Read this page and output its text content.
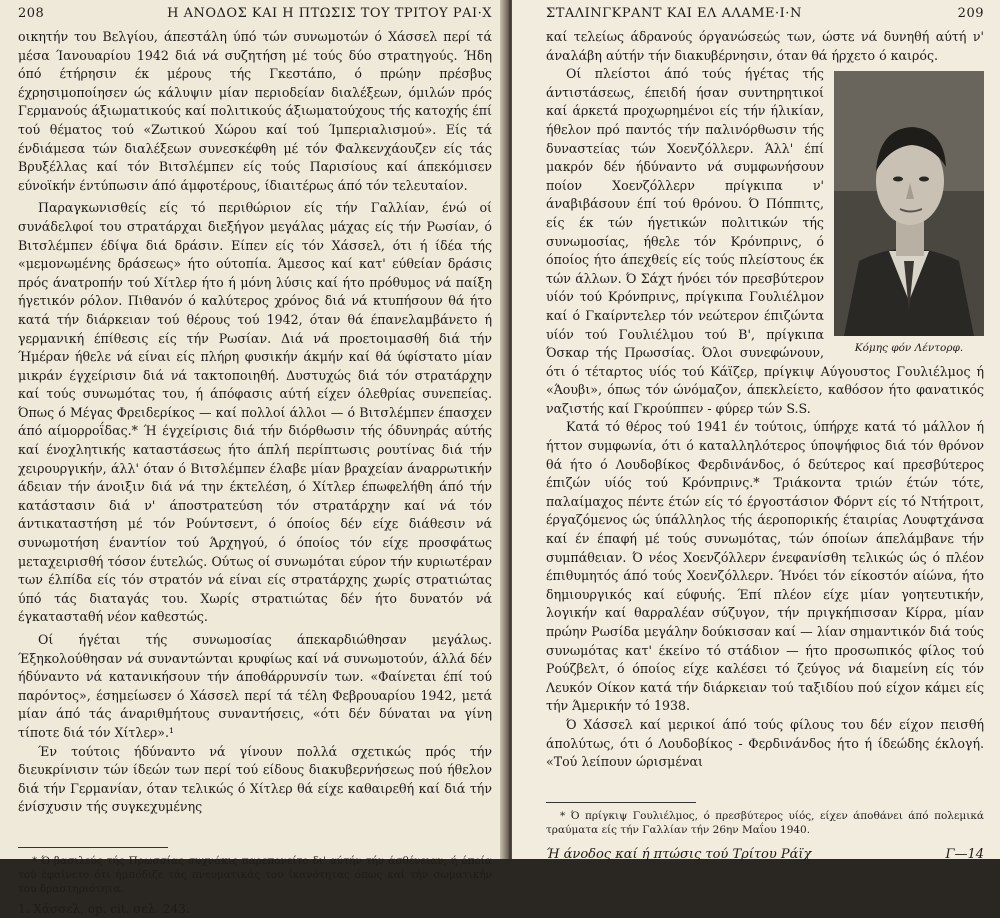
208	Η ΑΝΟΔΟΣ ΚΑΙ Η ΠΤΩΣΙΣ ΤΟΥ ΤΡΙΤΟΥ ΡΑΙ·Χ

οικητήν του Βελγίου, άπεστάλη ύπό τών συνωμοτών ό Χάσσελ περί τά μέσα Ίανουαρίου 1942 διά νά συζητήση μέ τούς δύο στρατηγούς. Ήδη όπό έτήρησιν έκ μέρους τής Γκεστάπο, ό πρώην πρέσβυς έχρησιμοποίησεν ώς κάλυψιν μίαν περιοδείαν διαλέξεων, όμιλών πρός Γερμανούς άξιωματικούς καί πολιτικούς άξιωματούχους τής κατοχής έπί τού θέματος τού «Ζωτικού Χώρου καί τού Ίμπεριαλισμού». Είς τά ένδιάμεσα τών διαλέξεων συνεσκέφθη μέ τόν Φαλκενχάουζεν είς τάς Βρυξέλλας καί τόν Βιτσλέμπεν είς τούς Παρισίους καί άπεκόμισεν εύνοϊκήν έντύπωσιν άπό άμφοτέρους, ίδιαιτέρως άπό τόν τελευταίον.

Παραγκωνισθείς είς τό περιθώριον είς τήν Γαλλίαν, ένώ οί συνάδελφοί του στρατάρχαι διεξήγον μεγάλας μάχας είς τήν Ρωσίαν, ό Βιτσλέμπεν έδίψα διά δράσιν. Είπεν είς τόν Χάσσελ, ότι ή ίδέα τής «μεμονωμένης δράσεως» ήτο ούτοπία. Άμεσος καί κατ' εύθείαν δράσις πρός άνατροπήν τού Χίτλερ ήτο ή μόνη λύσις καί ήτο πρόθυμος νά παίξη ήγετικόν ρόλον. Πιθανόν ό καλύτερος χρόνος διά νά κτυπήσουν θά ήτο κατά τήν διάρκειαν τού θέρους τού 1942, όταν θά έπανελαμβάνετο ή γερμανική έπίθεσις είς τήν Ρωσίαν. Διά νά προετοιμασθή διά τήν Ήμέραν ήθελε νά είναι είς πλήρη φυσικήν άκμήν καί θά ύφίστατο μίαν μικράν έγχείρισιν διά νά τακτοποιηθή. Δυστυχώς διά τόν στρατάρχην καί τούς συνωμότας του, ή άπόφασις αύτή είχεν όλεθρίας συνεπείας. Όπως ό Μέγας Φρειδερίκος — καί πολλοί άλλοι — ό Βιτσλέμπεν έπασχεν άπό αίμορροΐδας.* Ή έγχείρισις διά τήν διόρθωσιν τής όδυνηράς αύτής καί ένοχλητικής καταστάσεως ήτο άπλή περίπτωσις ρουτίνας διά τήν χειρουργικήν, άλλ' όταν ό Βιτσλέμπεν έλαβε μίαν βραχείαν άναρρωτικήν άδειαν τήν άνοιξιν διά νά την έκτελέση, ό Χίτλερ έπωφελήθη άπό τήν κατάστασιν διά ν' άποστρατεύση τόν στρατάρχην καί νά τόν άντικαταστήση μέ τόν Ρούντσεντ, ό όποίος δέν είχε διάθεσιν νά συνωμοτήση έναντίον τού Άρχηγού, ό όποίος τόν είχε προσφάτως μεταχειρισθή τόσον έυτελώς. Ούτως οί συνωμόται εύρον τήν κυριωτέραν των έλπίδα είς τόν στρατόν νά είναι είς στρατάρχης χωρίς στρατιώτας ύπό τάς διαταγάς του. Χωρίς στρατιώτας δέν ήτο δυνατόν νά έγκατασταθή νέον καθεστώς.

Οί ήγέται τής συνωμοσίας άπεκαρδιώθησαν μεγάλως. Έξηκολούθησαν νά συναντώνται κρυφίως καί νά συνωμοτούν, άλλά δέν ήδύναντο νά κατανικήσουν τήν άποθάρρυνσίν των. «Φαίνεται έπί τού παρόντος», έσημείωσεν ό Χάσσελ περί τά τέλη Φεβρουαρίου 1942, μετά μίαν άπό τάς άναριθμήτους συναντήσεις, «ότι δέν δύναται να γίνη τίποτε διά τόν Χίτλερ».¹

Έν τούτοις ήδύναντο νά γίνουν πολλά σχετικώς πρός τήν διευκρίνισιν τών ίδεών των περί τού είδους διακυβερνήσεως πού ήθελον διά τήν Γερμανίαν, όταν τελικώς ό Χίτλερ θά είχε καθαιρεθή καί διά τήν ένίσχυσιν τής συγκεχυμένης

* Ό βασιλεύς τής Πρωσσίας συχνάκις παρεπονείτο δι' αύτήν τήν άσθένειαν, ή όποία τού έφαίνετο ότι ήμπόδιζε τάς πνευματικάς του ίκανότητας όπως καί τήν σωματικήν του δραστηριότητα.

1. Χάσσελ, op. cit. σελ. 243.
ΣΤΑΛΙΝΓΚΡΑΝΤ ΚΑΙ ΕΛ ΑΛΑΜΕ·Ι·Ν	209

καί τελείως άδρανούς όργανώσεώς των, ώστε νά δυνηθή αύτή ν' άναλάβη αύτήν τήν διακυβέρνησιν, όταν θά ήρχετο ό καιρός.

Κόμης φόν Λέντορφ.

Οί πλείστοι άπό τούς ήγέτας τής άντιστάσεως, έπειδή ήσαν συντηρητικοί καί άρκετά προχωρημένοι είς τήν ήλικίαν, ήθελον πρό παντός τήν παλινόρθωσιν τής δυναστείας τών Χοενζόλλερν. Άλλ' έπί μακρόν δέν ήδύναντο νά συμφωνήσουν ποίον Χοενζόλλερν πρίγκιπα ν' άναβιβάσουν έπί τού θρόνου. Ό Πόππιτς, είς έκ τών ήγετικών πολιτικών τής συνωμοσίας, ήθελε τόν Κρόνπρινς, ό όποίος ήτο άπεχθείς είς τούς πλείστους έκ τών άλλων. Ό Σάχτ ήνόει τόν πρεσβύτερον υίόν τού Κρόνπρινς, πρίγκιπα Γουλιέλμον καί ό Γκαίρντελερ τόν νεώτερον έπιζώντα υίόν τού Γουλιέλμου τού Β', πρίγκιπα Όσκαρ τής Πρωσσίας. Όλοι συνεφώνουν, ότι ό τέταρτος υίός τού Κάϊζερ, πρίγκιψ Αύγουστος Γουλιέλμος ή «Άουβι», όπως τόν ώνόμαζον, άπεκλείετο, καθόσον ήτο φανατικός ναζιστής καί Γκρούππεν - φύρερ τών S.S.

Κατά τό θέρος τού 1941 έν τούτοις, ύπήρχε κατά τό μάλλον ή ήττον συμφωνία, ότι ό καταλληλότερος ύποψήφιος διά τόν θρόνον θά ήτο ό Λουδοβίκος Φερδινάνδος, ό δεύτερος καί πρεσβύτερος έπιζών υίός τού Κρόνπρινς.* Τριάκοντα τριών έτών τότε, παλαίμαχος πέντε έτών είς τό έργοστάσιον Φόρντ είς τό Ντήτροιτ, έργαζόμενος ώς ύπάλληλος τής άεροπορικής έταιρίας Λουφτχάνσα καί έν έπαφή μέ τούς συνωμότας, τών όποίων άπελάμβανε τήν συμπάθειαν. Ό νέος Χοενζόλλερν ένεφανίσθη τελικώς ώς ό πλέον έπιθυμητός άπό τούς Χοενζόλλερν. Ήνόει τόν είκοστόν αίώνα, ήτο δημιουργικός καί εύφυής. Έπί πλέον είχε μίαν γοητευτικήν, λογικήν καί θαρραλέαν σύζυγον, τήν πριγκήπισσαν Κίρρα, μίαν πρώην Ρωσίδα μεγάλην δούκισσαν καί — λίαν σημαντικόν διά τούς συνωμότας κατ' έκείνο τό στάδιον — ήτο προσωπικός φίλος τού Ρούζβελτ, ό όποίος είχε καλέσει τό ζεύγος νά διαμείνη είς τόν Λευκόν Οίκον κατά τήν διάρκειαν τού ταξιδίου πού είχον κάμει είς τήν Άμερικήν τό 1938.

Ό Χάσσελ καί μερικοί άπό τούς φίλους του δέν είχον πεισθή άπολύτως, ότι ό Λουδοβίκος - Φερδινάνδος ήτο ή ίδεώδης έκλογή. «Τού λείπουν ώρισμέναι

* Ό πρίγκιψ Γουλιέλμος, ό πρεσβύτερος υίός, είχεν άποθάνει άπό πολεμικά τραύματα είς τήν Γαλλίαν τήν 26ην Μαΐου 1940.

Ή άνοδος καί ή πτώσις τού Τρίτου Ράϊχ	Γ—14
